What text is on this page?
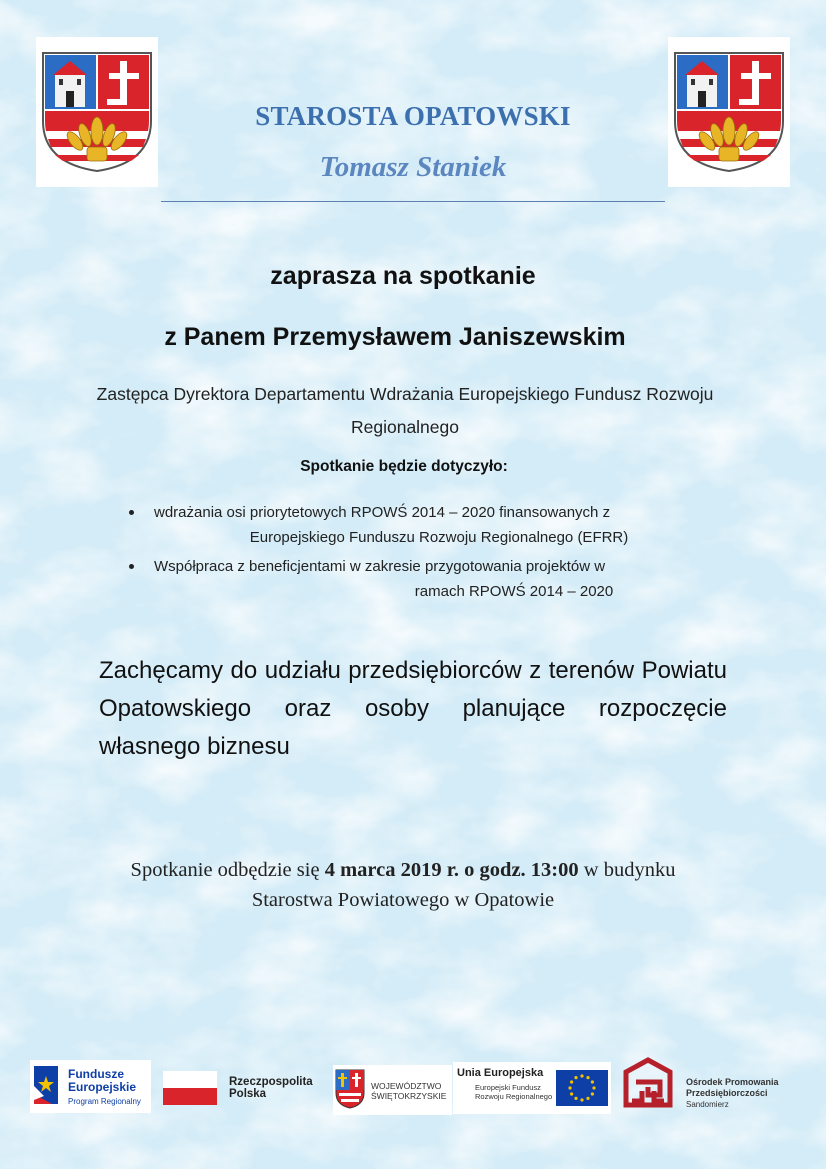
STAROSTA OPATOWSKI
Tomasz Staniek
zaprasza na spotkanie
z Panem Przemysławem Janiszewskim
Zastępca Dyrektora Departamentu Wdrażania Europejskiego Fundusz Rozwoju Regionalnego
Spotkanie będzie dotyczyło:
wdrażania osi priorytetowych RPOWŚ 2014 – 2020 finansowanych z
Europejskiego Funduszu Rozwoju Regionalnego (EFRR)
Współpraca z beneficjentami w zakresie przygotowania projektów w
ramach RPOWŚ 2014 – 2020
Zachęcamy do udziału przedsiębiorców z terenów Powiatu Opatowskiego oraz osoby planujące rozpoczęcie własnego biznesu
Spotkanie odbędzie się 4 marca 2019 r. o godz. 13:00 w budynku
Starostwa Powiatowego w Opatowie
Fundusze
Europejskie
Program Regionalny
Rzeczpospolita
Polska
WOJEWÓDZTWO
ŚWIĘTOKRZYSKIE
Unia Europejska
Europejski Fundusz
Rozwoju Regionalnego
Ośrodek Promowania
Przedsiębiorczości
Sandomierz
